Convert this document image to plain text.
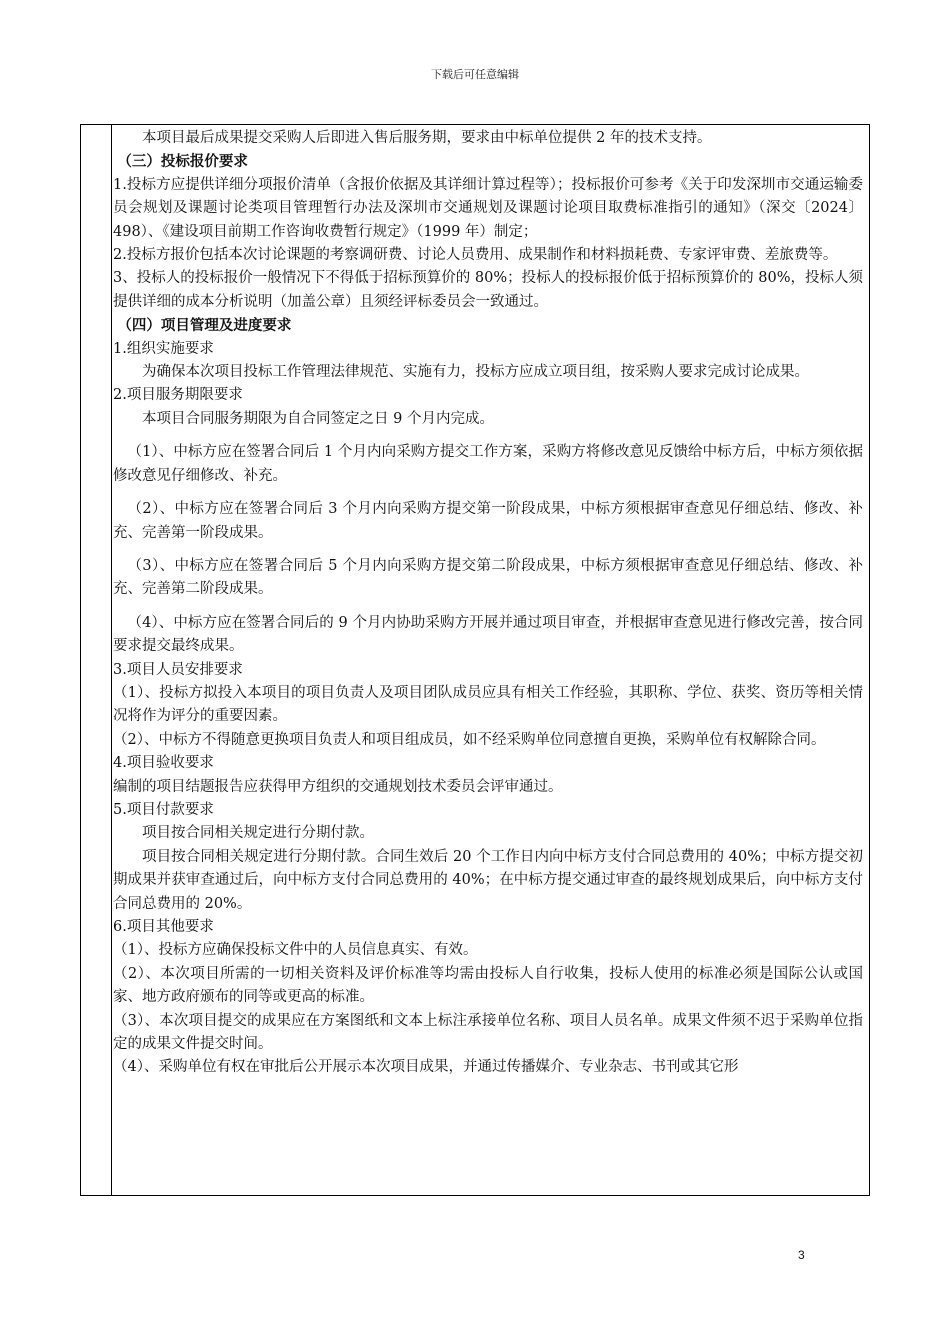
下载后可任意编辑

本项目最后成果提交采购人后即进入售后服务期，要求由中标单位提供 2 年的技术支持。

（三）投标报价要求

1.投标方应提供详细分项报价清单（含报价依据及其详细计算过程等）；投标报价可参考《关于印发深圳市交通运输委员会规划及课题讨论类项目管理暂行办法及深圳市交通规划及课题讨论项目取费标准指引的通知》（深交〔2024〕498）、《建设项目前期工作咨询收费暂行规定》（1999 年）制定；

2.投标方报价包括本次讨论课题的考察调研费、讨论人员费用、成果制作和材料损耗费、专家评审费、差旅费等。

3、投标人的投标报价一般情况下不得低于招标预算价的 80%；投标人的投标报价低于招标预算价的 80%，投标人须提供详细的成本分析说明（加盖公章）且须经评标委员会一致通过。

（四）项目管理及进度要求

1.组织实施要求

为确保本次项目投标工作管理法律规范、实施有力，投标方应成立项目组，按采购人要求完成讨论成果。

2.项目服务期限要求

本项目合同服务期限为自合同签定之日 9 个月内完成。

（1）、中标方应在签署合同后 1 个月内向采购方提交工作方案，采购方将修改意见反馈给中标方后，中标方须依据修改意见仔细修改、补充。

（2）、中标方应在签署合同后 3 个月内向采购方提交第一阶段成果，中标方须根据审查意见仔细总结、修改、补充、完善第一阶段成果。

（3）、中标方应在签署合同后 5 个月内向采购方提交第二阶段成果，中标方须根据审查意见仔细总结、修改、补充、完善第二阶段成果。

（4）、中标方应在签署合同后的 9 个月内协助采购方开展并通过项目审查，并根据审查意见进行修改完善，按合同要求提交最终成果。

3.项目人员安排要求

（1）、投标方拟投入本项目的项目负责人及项目团队成员应具有相关工作经验，其职称、学位、获奖、资历等相关情况将作为评分的重要因素。

（2）、中标方不得随意更换项目负责人和项目组成员，如不经采购单位同意擅自更换，采购单位有权解除合同。

4.项目验收要求

编制的项目结题报告应获得甲方组织的交通规划技术委员会评审通过。

5.项目付款要求

项目按合同相关规定进行分期付款。

项目按合同相关规定进行分期付款。合同生效后 20 个工作日内向中标方支付合同总费用的 40%；中标方提交初期成果并获审查通过后，向中标方支付合同总费用的 40%；在中标方提交通过审查的最终规划成果后，向中标方支付合同总费用的 20%。

6.项目其他要求

（1）、投标方应确保投标文件中的人员信息真实、有效。

（2）、本次项目所需的一切相关资料及评价标准等均需由投标人自行收集，投标人使用的标准必须是国际公认或国家、地方政府颁布的同等或更高的标准。

（3）、本次项目提交的成果应在方案图纸和文本上标注承接单位名称、项目人员名单。成果文件须不迟于采购单位指定的成果文件提交时间。

（4）、采购单位有权在审批后公开展示本次项目成果，并通过传播媒介、专业杂志、书刊或其它形

3
